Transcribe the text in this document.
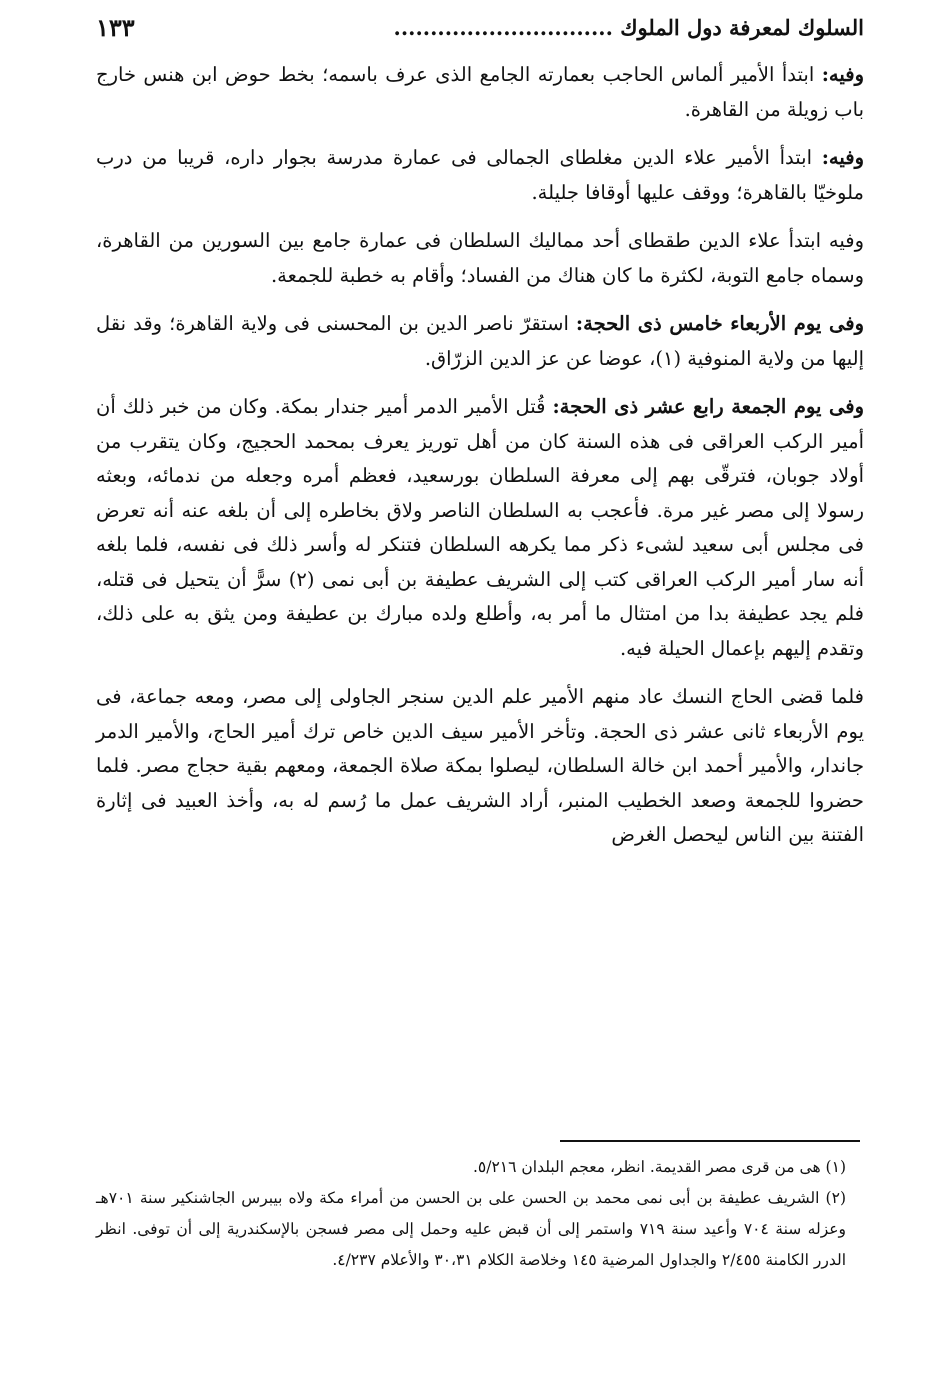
السلوك لمعرفة دول الملوك ..............................
١٣٣

وفيه: ابتدأ الأمير ألماس الحاجب بعمارته الجامع الذى عرف باسمه؛ بخط حوض ابن هنس خارج باب زويلة من القاهرة.

وفيه: ابتدأ الأمير علاء الدين مغلطاى الجمالى فى عمارة مدرسة بجوار داره، قريبا من درب ملوخيّا بالقاهرة؛ ووقف عليها أوقافا جليلة.

وفيه ابتدأ علاء الدين طقطاى أحد مماليك السلطان فى عمارة جامع بين السورين من القاهرة، وسماه جامع التوبة، لكثرة ما كان هناك من الفساد؛ وأقام به خطبة للجمعة.

وفى يوم الأربعاء خامس ذى الحجة: استقرّ ناصر الدين بن المحسنى فى ولاية القاهرة؛ وقد نقل إليها من ولاية المنوفية (١)، عوضا عن عز الدين الزرّاق.

وفى يوم الجمعة رابع عشر ذى الحجة: قُتل الأمير الدمر أمير جندار بمكة. وكان من خبر ذلك أن أمير الركب العراقى فى هذه السنة كان من أهل توريز يعرف بمحمد الحجيج، وكان يتقرب من أولاد جوبان، فترقّى بهم إلى معرفة السلطان بورسعيد، فعظم أمره وجعله من ندمائه، وبعثه رسولا إلى مصر غير مرة. فأعجب به السلطان الناصر ولاق بخاطره إلى أن بلغه عنه أنه تعرض فى مجلس أبى سعيد لشىء ذكر مما يكرهه السلطان فتنكر له وأسر ذلك فى نفسه، فلما بلغه أنه سار أمير الركب العراقى كتب إلى الشريف عطيفة بن أبى نمى (٢) سرًّ أن يتحيل فى قتله، فلم يجد عطيفة بدا من امتثال ما أمر به، وأطلع ولده مبارك بن عطيفة ومن يثق به على ذلك، وتقدم إليهم بإعمال الحيلة فيه.

فلما قضى الحاج النسك عاد منهم الأمير علم الدين سنجر الجاولى إلى مصر، ومعه جماعة، فى يوم الأربعاء ثانى عشر ذى الحجة. وتأخر الأمير سيف الدين خاص ترك أمير الحاج، والأمير الدمر جاندار، والأمير أحمد ابن خالة السلطان، ليصلوا بمكة صلاة الجمعة، ومعهم بقية حجاج مصر. فلما حضروا للجمعة وصعد الخطيب المنبر، أراد الشريف عمل ما رُسم له به، وأخذ العبيد فى إثارة الفتنة بين الناس ليحصل الغرض

(١) هى من قرى مصر القديمة. انظر، معجم البلدان ٥/٢١٦.

(٢) الشريف عطيفة بن أبى نمى محمد بن الحسن على بن الحسن من أمراء مكة ولاه بيبرس الجاشنكير سنة ٧٠١هـ وعزله سنة ٧٠٤ وأعيد سنة ٧١٩ واستمر إلى أن قبض عليه وحمل إلى مصر فسجن بالإسكندرية إلى أن توفى. انظر الدرر الكامنة ٢/٤٥٥ والجداول المرضية ١٤٥ وخلاصة الكلام ٣٠،٣١ والأعلام ٤/٢٣٧.
